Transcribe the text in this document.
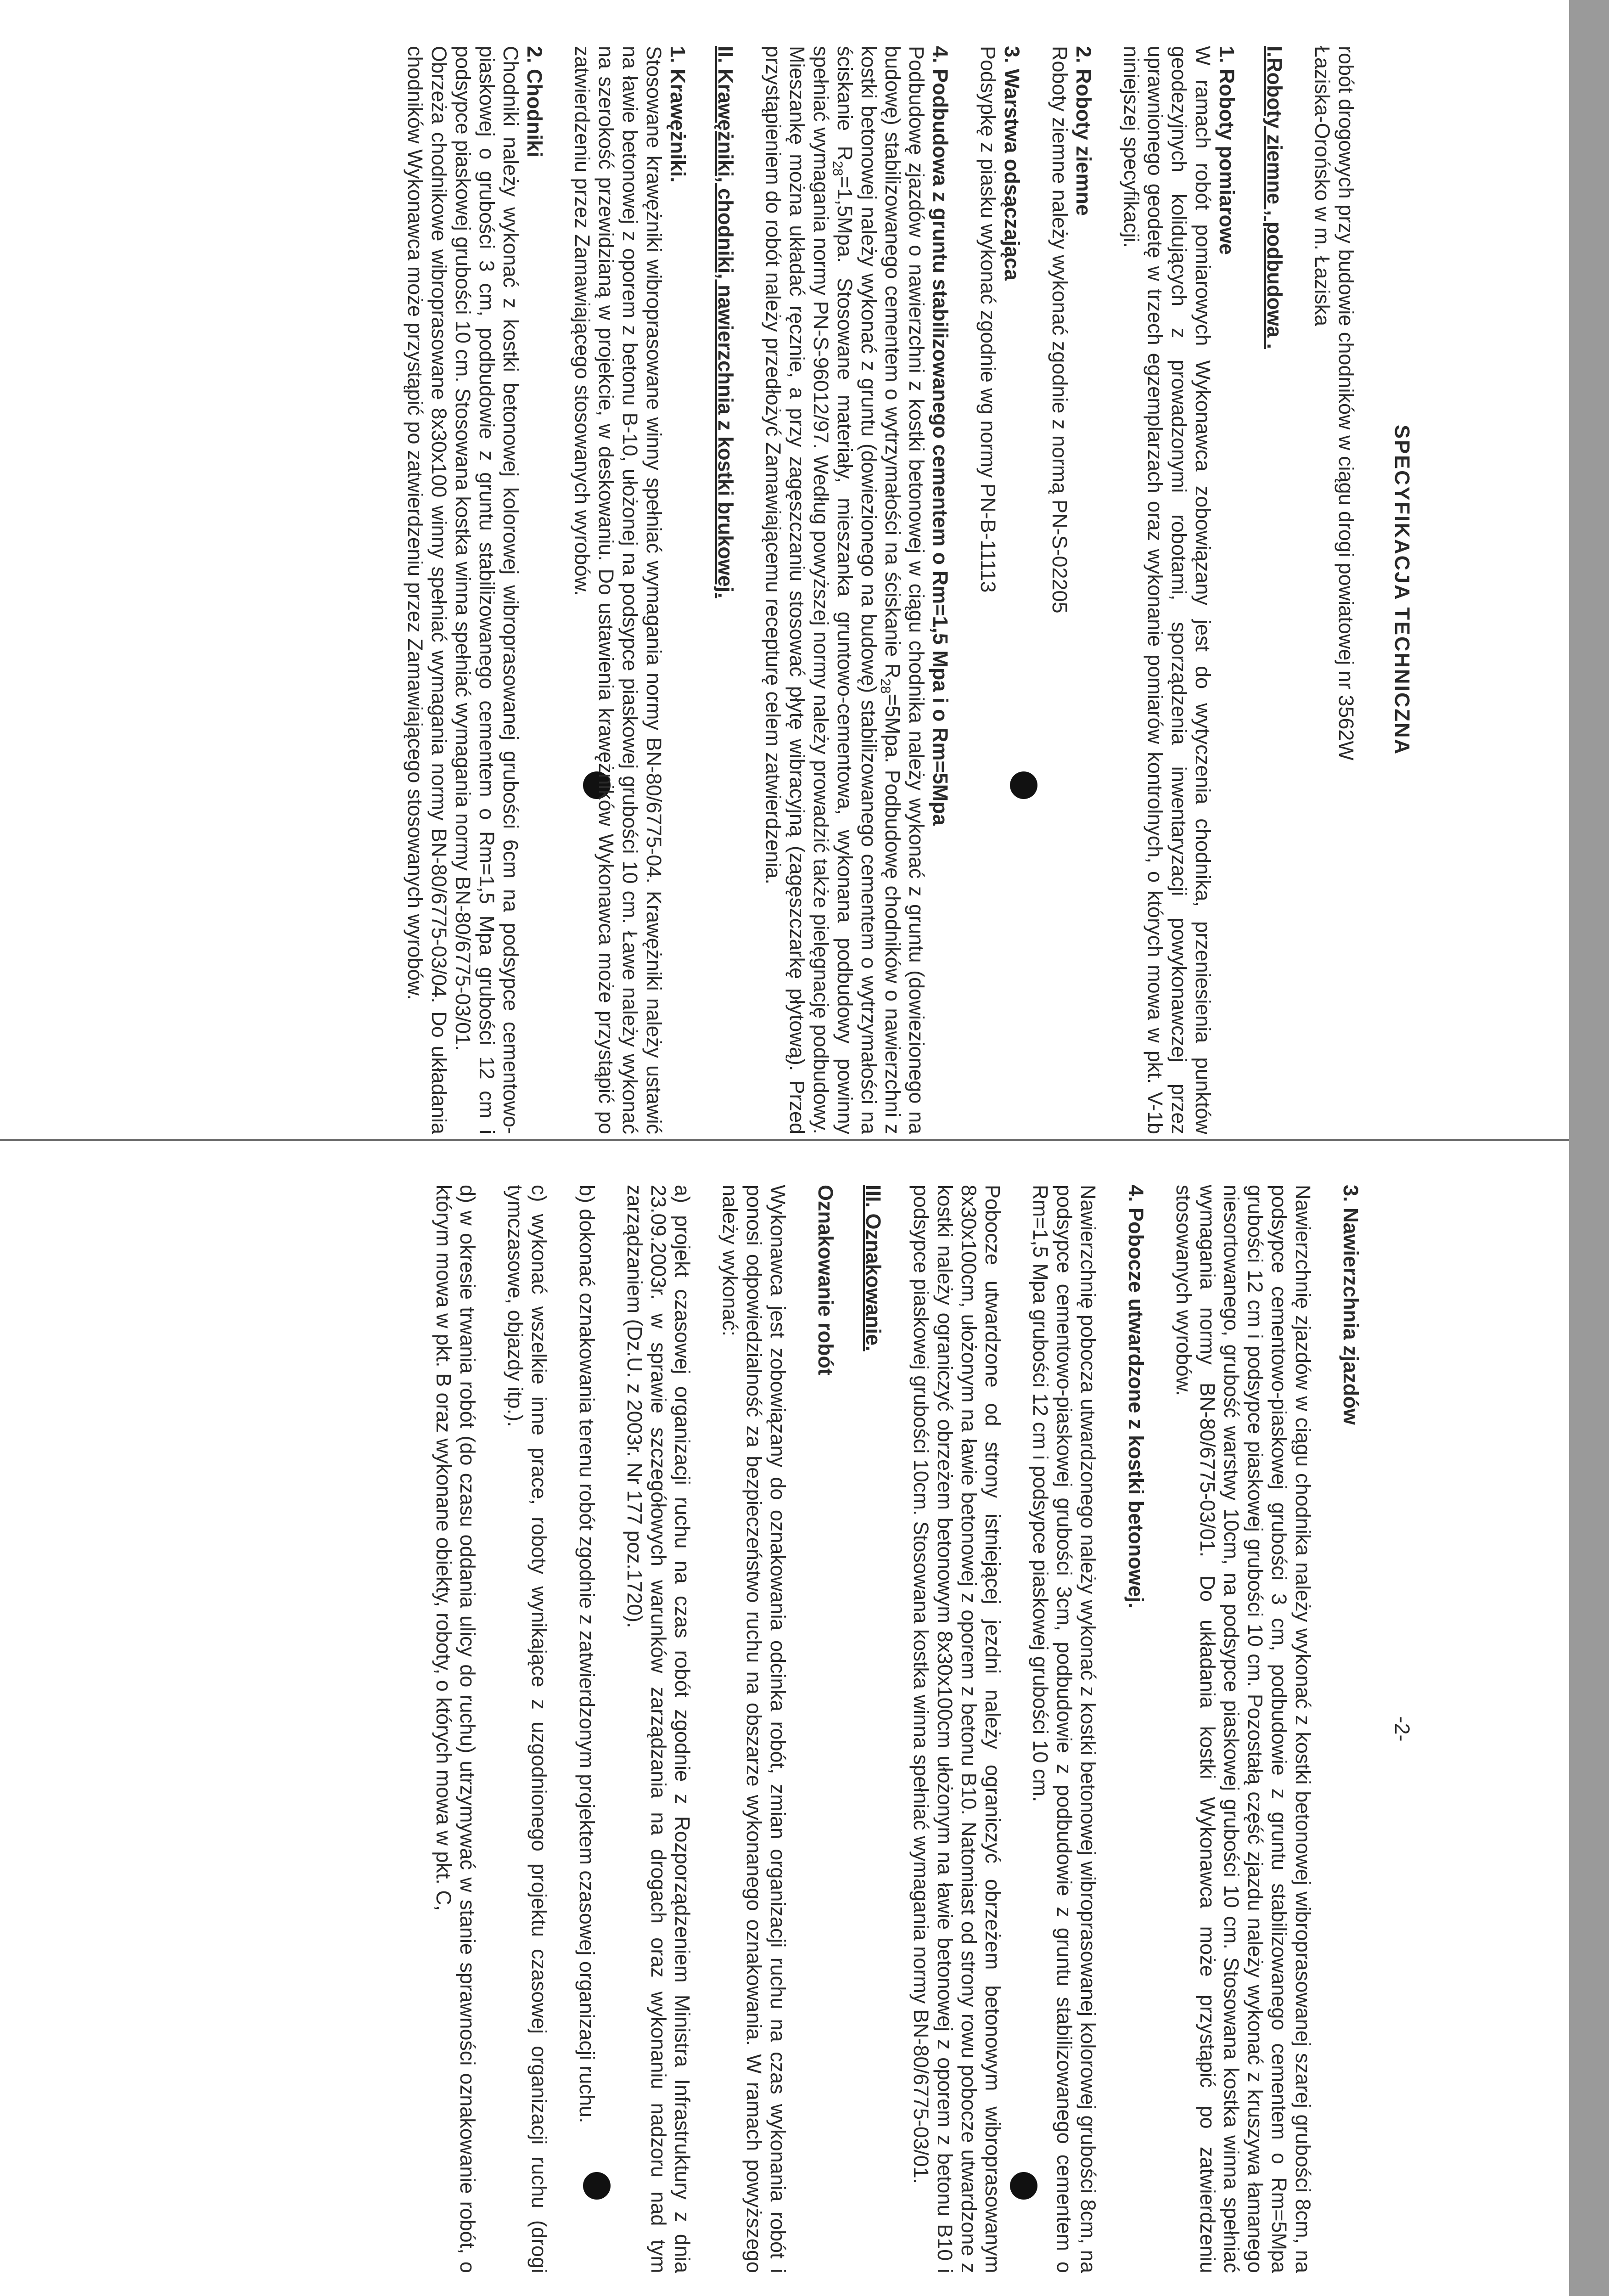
SPECYFIKACJA TECHNICZNA
robót drogowych przy budowie chodników w ciągu drogi powiatowej nr 3562W
Łaziska-Orońsko w m. Łaziska
I.Roboty ziemne , podbudowa .
1. Roboty pomiarowe
W ramach robót pomiarowych Wykonawca zobowiązany jest do wytyczenia chodnika, przeniesienia punktów geodezyjnych kolidujących z prowadzonymi robotami, sporządzenia inwentaryzacji powykonawczej przez uprawnionego geodetę w trzech egzemplarzach oraz wykonanie pomiarów kontrolnych, o których mowa w pkt. V-1b niniejszej specyfikacji.
2. Roboty ziemne
Roboty ziemne należy wykonać zgodnie z normą PN-S-02205
3. Warstwa odsączająca
Podsypkę z piasku wykonać zgodnie wg normy PN-B-11113
4. Podbudowa z gruntu stabilizowanego cementem o Rm=1,5 Mpa i o Rm=5Mpa
Podbudowę zjazdów o nawierzchni z kostki betonowej w ciągu chodnika należy wykonać z gruntu (dowiezionego na budowę) stabilizowanego cementem o wytrzymałości na ściskanie $R_{28}=5Mpa$. Podbudowę chodników o nawierzchni z kostki betonowej należy wykonać z gruntu (dowiezionego na budowę) stabilizowanego cementem o wytrzymałości na ściskanie $R_{28}=1,5Mpa$. Stosowane materiały, mieszanka gruntowo-cementowa, wykonana podbudowy powinny spełniać wymagania normy PN-S-96012/97. Według powyższej normy należy prowadzić także pielęgnację podbudowy. Mieszankę można układać ręcznie, a przy zagęszczaniu stosować płytę wibracyjną (zagęszczarkę płytową). Przed przystąpieniem do robót należy przedłożyć Zamawiającemu recepturę celem zatwierdzenia.
II. Krawężniki, chodniki, nawierzchnia z kostki brukowej.
1. Krawężniki.
Stosowane krawężniki wibroprasowane winny spełniać wymagania normy BN-80/6775-04. Krawężniki należy ustawić na ławie betonowej z oporem z betonu B-10, ułożonej na podsypce piaskowej grubości 10 cm. Ławe należy wykonać na szerokość przewidzianą w projekcie, w deskowaniu. Do ustawienia krawężników Wykonawca może przystąpić po zatwierdzeniu przez Zamawiającego stosowanych wyrobów.
2. Chodniki
Chodniki należy wykonać z kostki betonowej kolorowej wibroprasowanej grubości 6cm na podsypce cementowo-piaskowej o grubości 3 cm, podbudowie z gruntu stabilizowanego cementem o Rm=1,5 Mpa grubości 12 cm i podsypce piaskowej grubości 10 cm. Stosowana kostka winna spełniać wymagania normy BN-80/6775-03/01.
Obrzeża chodnikowe wibroprasowane 8x30x100 winny spełniać wymagania normy BN-80/6775-03/04. Do układania chodników Wykonawca może przystąpić po zatwierdzeniu przez Zamawiającego stosowanych wyrobów.
-2-
3. Nawierzchnia zjazdów
Nawierzchnię zjazdów w ciągu chodnika należy wykonać z kostki betonowej wibroprasowanej szarej grubości 8cm, na podsypce cementowo-piaskowej grubości 3 cm, podbudowie z gruntu stabilizowanego cementem o Rm=5Mpa grubości 12 cm i podsypce piaskowej grubości 10 cm. Pozostałą część zjazdu należy wykonać z kruszywa łamanego niesortowanego, grubość warstwy 10cm, na podsypce piaskowej grubości 10 cm. Stosowana kostka winna spełniać wymagania normy BN-80/6775-03/01. Do układania kostki Wykonawca może przystąpić po zatwierdzeniu stosowanych wyrobów.
4. Pobocze utwardzone z kostki betonowej.
Nawierzchnię pobocza utwardzonego należy wykonać z kostki betonowej wibroprasowanej kolorowej grubości 8cm, na podsypce cementowo-piaskowej grubości 3cm, podbudowie z podbudowie z gruntu stabilizowanego cementem o Rm=1,5 Mpa grubości 12 cm i podsypce piaskowej grubości 10 cm.
Pobocze utwardzone od strony istniejącej jezdni należy ograniczyć obrzeżem betonowym wibroprasowanym 8x30x100cm, ułożonym na ławie betonowej z oporem z betonu B10. Natomiast od strony rowu pobocze utwardzone z kostki należy ograniczyć obrzeżem betonowym 8x30x100cm ułożonym na ławie betonowej z oporem z betonu B10 i podsypce piaskowej grubości 10cm. Stosowana kostka winna spełniać wymagania normy BN-80/6775-03/01.
III. Oznakowanie.
Oznakowanie robót
Wykonawca jest zobowiązany do oznakowania odcinka robót, zmian organizacji ruchu na czas wykonania robót i ponosi odpowiedzialność za bezpieczeństwo ruchu na obszarze wykonanego oznakowania. W ramach powyższego należy wykonać:
a) projekt czasowej organizacji ruchu na czas robót zgodnie z Rozporządzeniem Ministra Infrastruktury z dnia 23.09.2003r. w sprawie szczegółowych warunków zarządzania na drogach oraz wykonaniu nadzoru nad tym zarządzaniem (Dz.U. z 2003r. Nr 177 poz.1720).
b) dokonać oznakowania terenu robót zgodnie z zatwierdzonym projektem czasowej organizacji ruchu.
c) wykonać wszelkie inne prace, roboty wynikające z uzgodnionego projektu czasowej organizacji ruchu (drogi tymczasowe, objazdy itp.).
d) w okresie trwania robót (do czasu oddania ulicy do ruchu) utrzymywać w stanie sprawności oznakowanie robót, o którym mowa w pkt. B oraz wykonane obiekty, roboty, o których mowa w pkt. C,
